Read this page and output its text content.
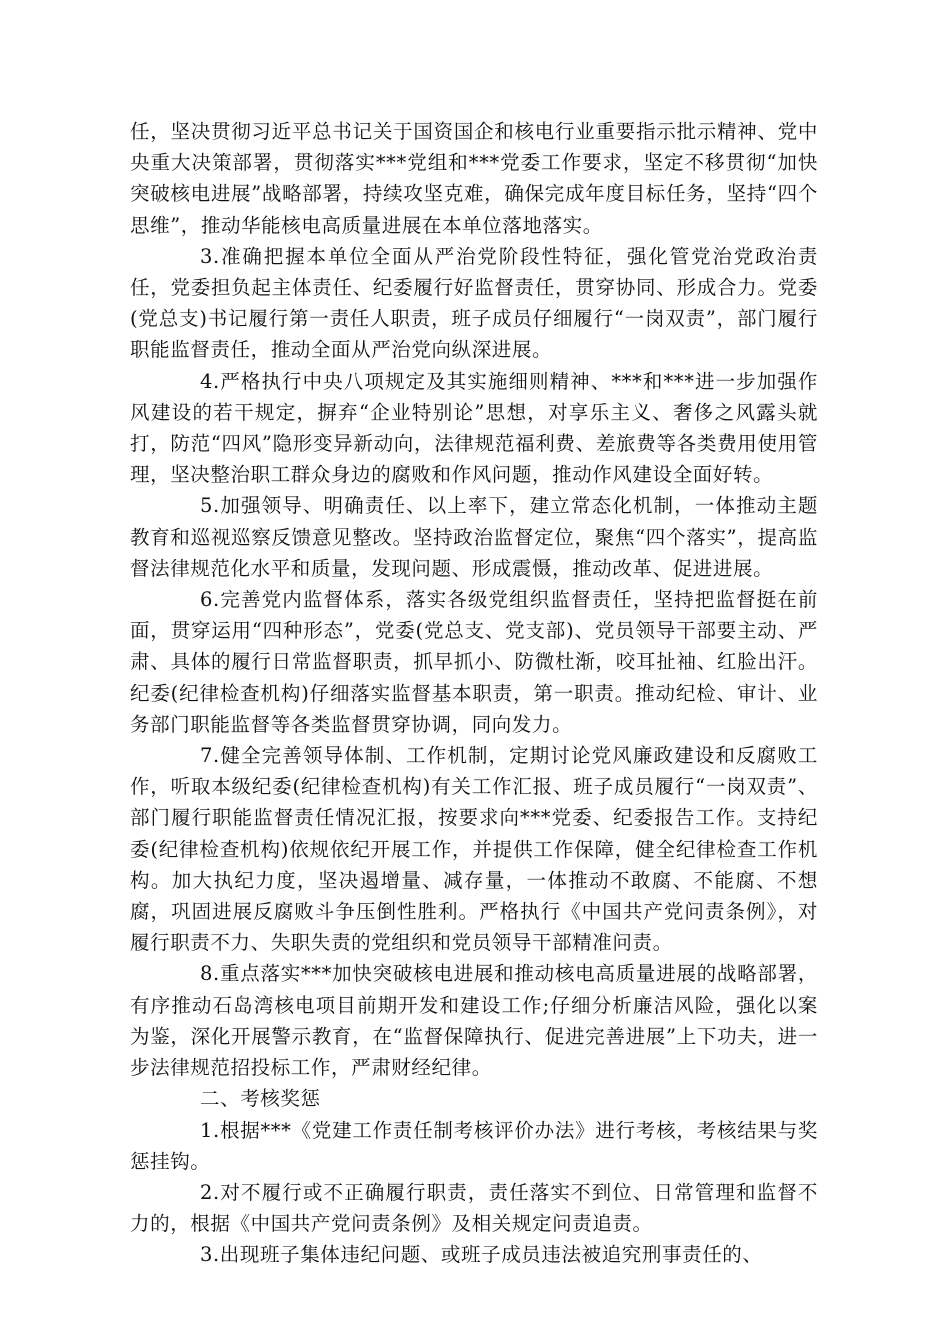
任，坚决贯彻习近平总书记关于国资国企和核电行业重要指示批示精神、党中央重大决策部署，贯彻落实***党组和***党委工作要求，坚定不移贯彻“加快突破核电进展”战略部署，持续攻坚克难，确保完成年度目标任务，坚持“四个思维”，推动华能核电高质量进展在本单位落地落实。

3.准确把握本单位全面从严治党阶段性特征，强化管党治党政治责任，党委担负起主体责任、纪委履行好监督责任，贯穿协同、形成合力。党委(党总支)书记履行第一责任人职责，班子成员仔细履行“一岗双责”，部门履行职能监督责任，推动全面从严治党向纵深进展。

4.严格执行中央八项规定及其实施细则精神、***和***进一步加强作风建设的若干规定，摒弃“企业特别论”思想，对享乐主义、奢侈之风露头就打，防范“四风”隐形变异新动向，法律规范福利费、差旅费等各类费用使用管理，坚决整治职工群众身边的腐败和作风问题，推动作风建设全面好转。

5.加强领导、明确责任、以上率下，建立常态化机制，一体推动主题教育和巡视巡察反馈意见整改。坚持政治监督定位，聚焦“四个落实”，提高监督法律规范化水平和质量，发现问题、形成震慑，推动改革、促进进展。

6.完善党内监督体系，落实各级党组织监督责任，坚持把监督挺在前面，贯穿运用“四种形态”，党委(党总支、党支部)、党员领导干部要主动、严肃、具体的履行日常监督职责，抓早抓小、防微杜渐，咬耳扯袖、红脸出汗。纪委(纪律检查机构)仔细落实监督基本职责，第一职责。推动纪检、审计、业务部门职能监督等各类监督贯穿协调，同向发力。

7.健全完善领导体制、工作机制，定期讨论党风廉政建设和反腐败工作，听取本级纪委(纪律检查机构)有关工作汇报、班子成员履行“一岗双责”、部门履行职能监督责任情况汇报，按要求向***党委、纪委报告工作。支持纪委(纪律检查机构)依规依纪开展工作，并提供工作保障，健全纪律检查工作机构。加大执纪力度，坚决遏增量、减存量，一体推动不敢腐、不能腐、不想腐，巩固进展反腐败斗争压倒性胜利。严格执行《中国共产党问责条例》，对履行职责不力、失职失责的党组织和党员领导干部精准问责。

8.重点落实***加快突破核电进展和推动核电高质量进展的战略部署，有序推动石岛湾核电项目前期开发和建设工作;仔细分析廉洁风险，强化以案为鉴，深化开展警示教育，在“监督保障执行、促进完善进展”上下功夫，进一步法律规范招投标工作，严肃财经纪律。

二、考核奖惩

1.根据***《党建工作责任制考核评价办法》进行考核，考核结果与奖惩挂钩。

2.对不履行或不正确履行职责，责任落实不到位、日常管理和监督不力的，根据《中国共产党问责条例》及相关规定问责追责。

3.出现班子集体违纪问题、或班子成员违法被追究刑事责任的、
